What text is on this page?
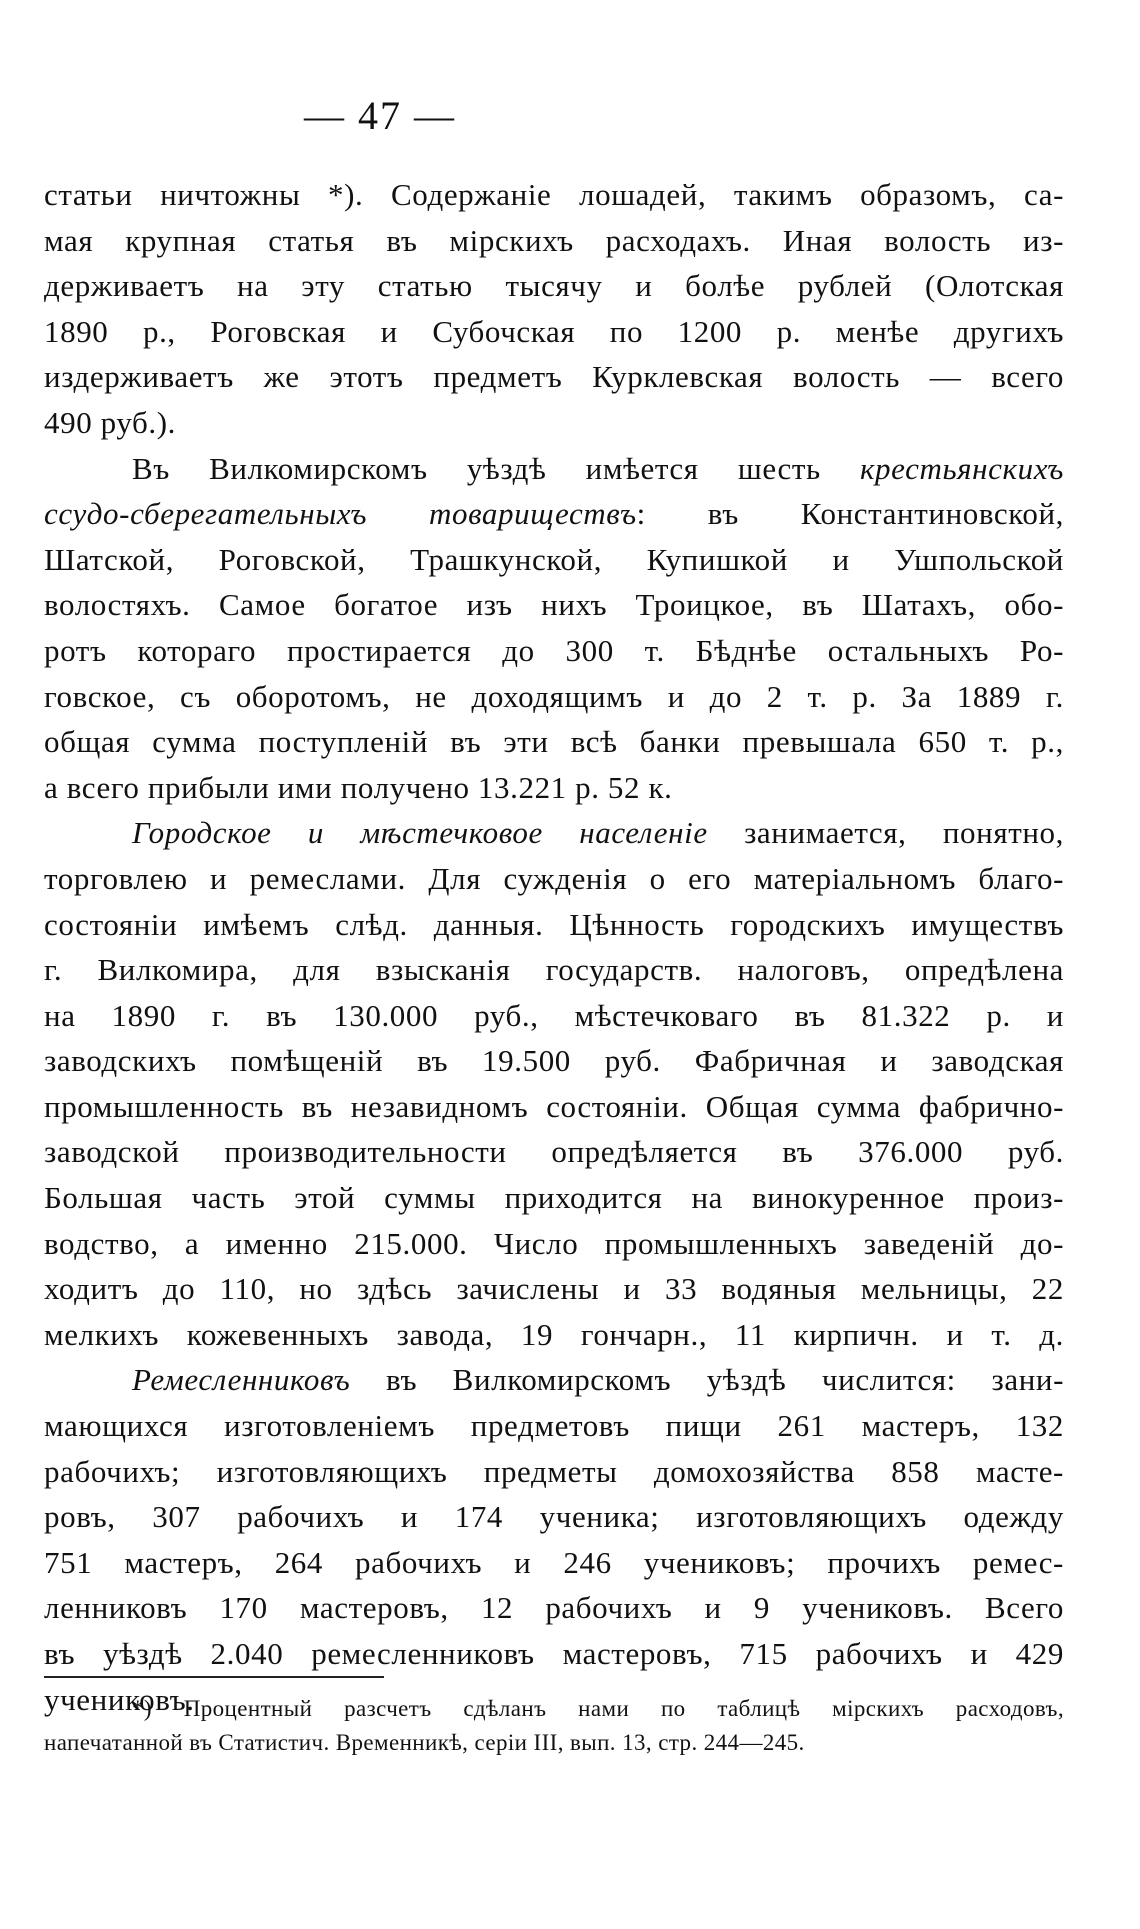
— 47 —
статьи ничтожны *). Содержаніе лошадей, такимъ образомъ, са-
мая крупная статья въ мірскихъ расходахъ. Иная волость из-
держиваетъ на эту статью тысячу и болѣе рублей (Олотская
1890 р., Роговская и Субочская по 1200 р. менѣе другихъ
издерживаетъ же этотъ предметъ Курклевская волость — всего
490 руб.).
Въ Вилкомирскомъ уѣздѣ имѣется шесть крестьянскихъ
ссудо-сберегательныхъ товариществъ: въ Константиновской,
Шатской, Роговской, Трашкунской, Купишкой и Ушпольской
волостяхъ. Самое богатое изъ нихъ Троицкое, въ Шатахъ, обо-
ротъ котораго простирается до 300 т. Бѣднѣе остальныхъ Ро-
говское, съ оборотомъ, не доходящимъ и до 2 т. р. За 1889 г.
общая сумма поступленій въ эти всѣ банки превышала 650 т. р.,
а всего прибыли ими получено 13.221 р. 52 к.
Городское и мѣстечковое населеніе занимается, понятно,
торговлею и ремеслами. Для сужденія о его матеріальномъ благо-
состояніи имѣемъ слѣд. данныя. Цѣнность городскихъ имуществъ
г. Вилкомира, для взысканія государств. налоговъ, опредѣлена
на 1890 г. въ 130.000 руб., мѣстечковаго въ 81.322 р. и
заводскихъ помѣщеній въ 19.500 руб. Фабричная и заводская
промышленность въ незавидномъ состояніи. Общая сумма фабрично-
заводской производительности опредѣляется въ 376.000 руб.
Большая часть этой суммы приходится на винокуренное произ-
водство, а именно 215.000. Число промышленныхъ заведеній до-
ходитъ до 110, но здѣсь зачислены и 33 водяныя мельницы, 22
мелкихъ кожевенныхъ завода, 19 гончарн., 11 кирпичн. и т. д.
Ремесленниковъ въ Вилкомирскомъ уѣздѣ числится: зани-
мающихся изготовленіемъ предметовъ пищи 261 мастеръ, 132
рабочихъ; изготовляющихъ предметы домохозяйства 858 масте-
ровъ, 307 рабочихъ и 174 ученика; изготовляющихъ одежду
751 мастеръ, 264 рабочихъ и 246 учениковъ; прочихъ ремес-
ленниковъ 170 мастеровъ, 12 рабочихъ и 9 учениковъ. Всего
въ уѣздѣ 2.040 ремесленниковъ мастеровъ, 715 рабочихъ и 429
учениковъ.
*) Процентный разсчетъ сдѣланъ нами по таблицѣ мірскихъ расходовъ,
напечатанной въ Статистич. Временникѣ, серіи III, вып. 13, стр. 244—245.
